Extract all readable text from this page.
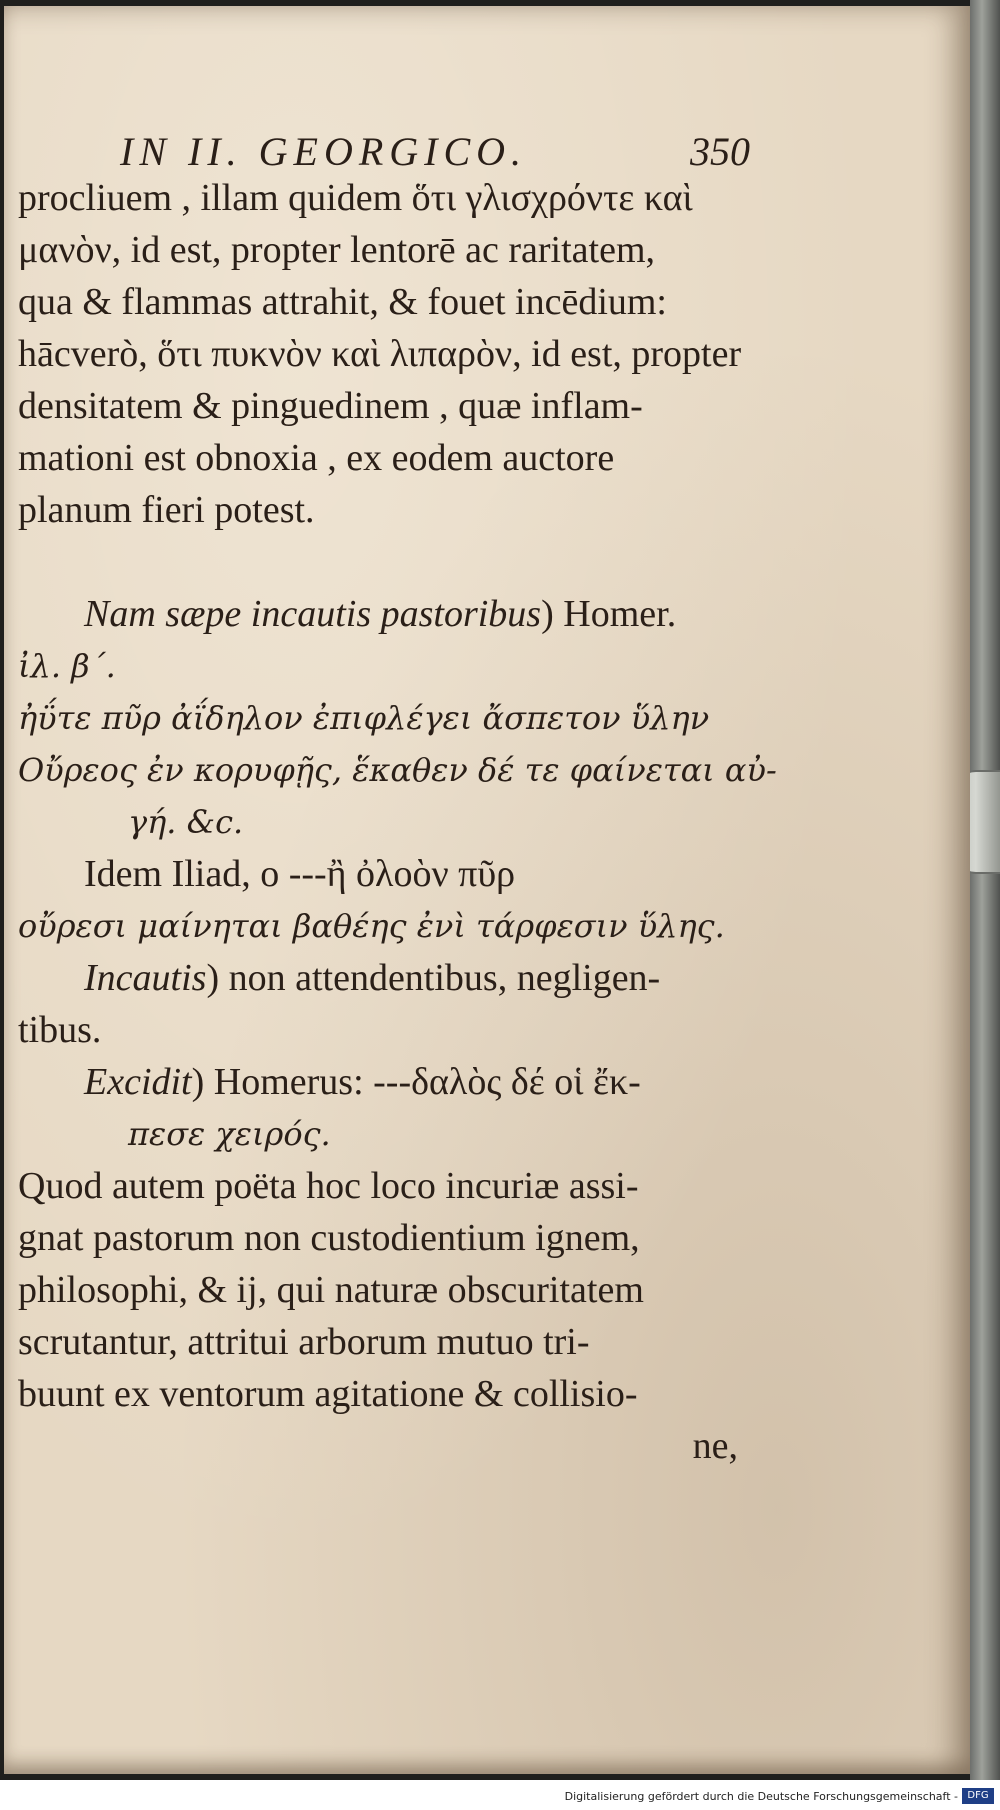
IN II. GEORGICO.	350
procliuem , illam quidem ὅτι γλισχρόντε καὶ
μανὸν, id est, propter lentorē ac raritatem,
qua & flammas attrahit, & fouet incēdium:
hācverò, ὅτι πυκνὸν καὶ λιπαρὸν, id est, propter
densitatem & pinguedinem , quæ inflam-
mationi est obnoxia , ex eodem auctore
planum fieri potest.
Nam sæpe incautis pastoribus) Homer.
ἰλ. β΄.
ἠΰτε πῦρ ἀΐδηλον ἐπιφλέγει ἄσπετον ὕλην
Οὔρεος ἐν κορυφῇς, ἕκαθεν δέ τε φαίνεται αὐ-
γή. &c.
Idem Iliad, ο ---ἢ ὀλοὸν πῦρ
οὔρεσι μαίνηται βαθέης ἐνὶ τάρφεσιν ὕλης.
Incautis) non attendentibus, negligen-
tibus.
Excidit) Homerus: ---δαλὸς δέ οἱ ἔκ-
πεσε χειρός.
Quod autem poëta hoc loco incuriæ assi-
gnat pastorum non custodientium ignem,
philosophi, & ij, qui naturæ obscuritatem
scrutantur, attritui arborum mutuo tri-
buunt ex ventorum agitatione & collisio-
ne,
Digitalisierung gefördert durch die Deutsche Forschungsgemeinschaft - DFG
